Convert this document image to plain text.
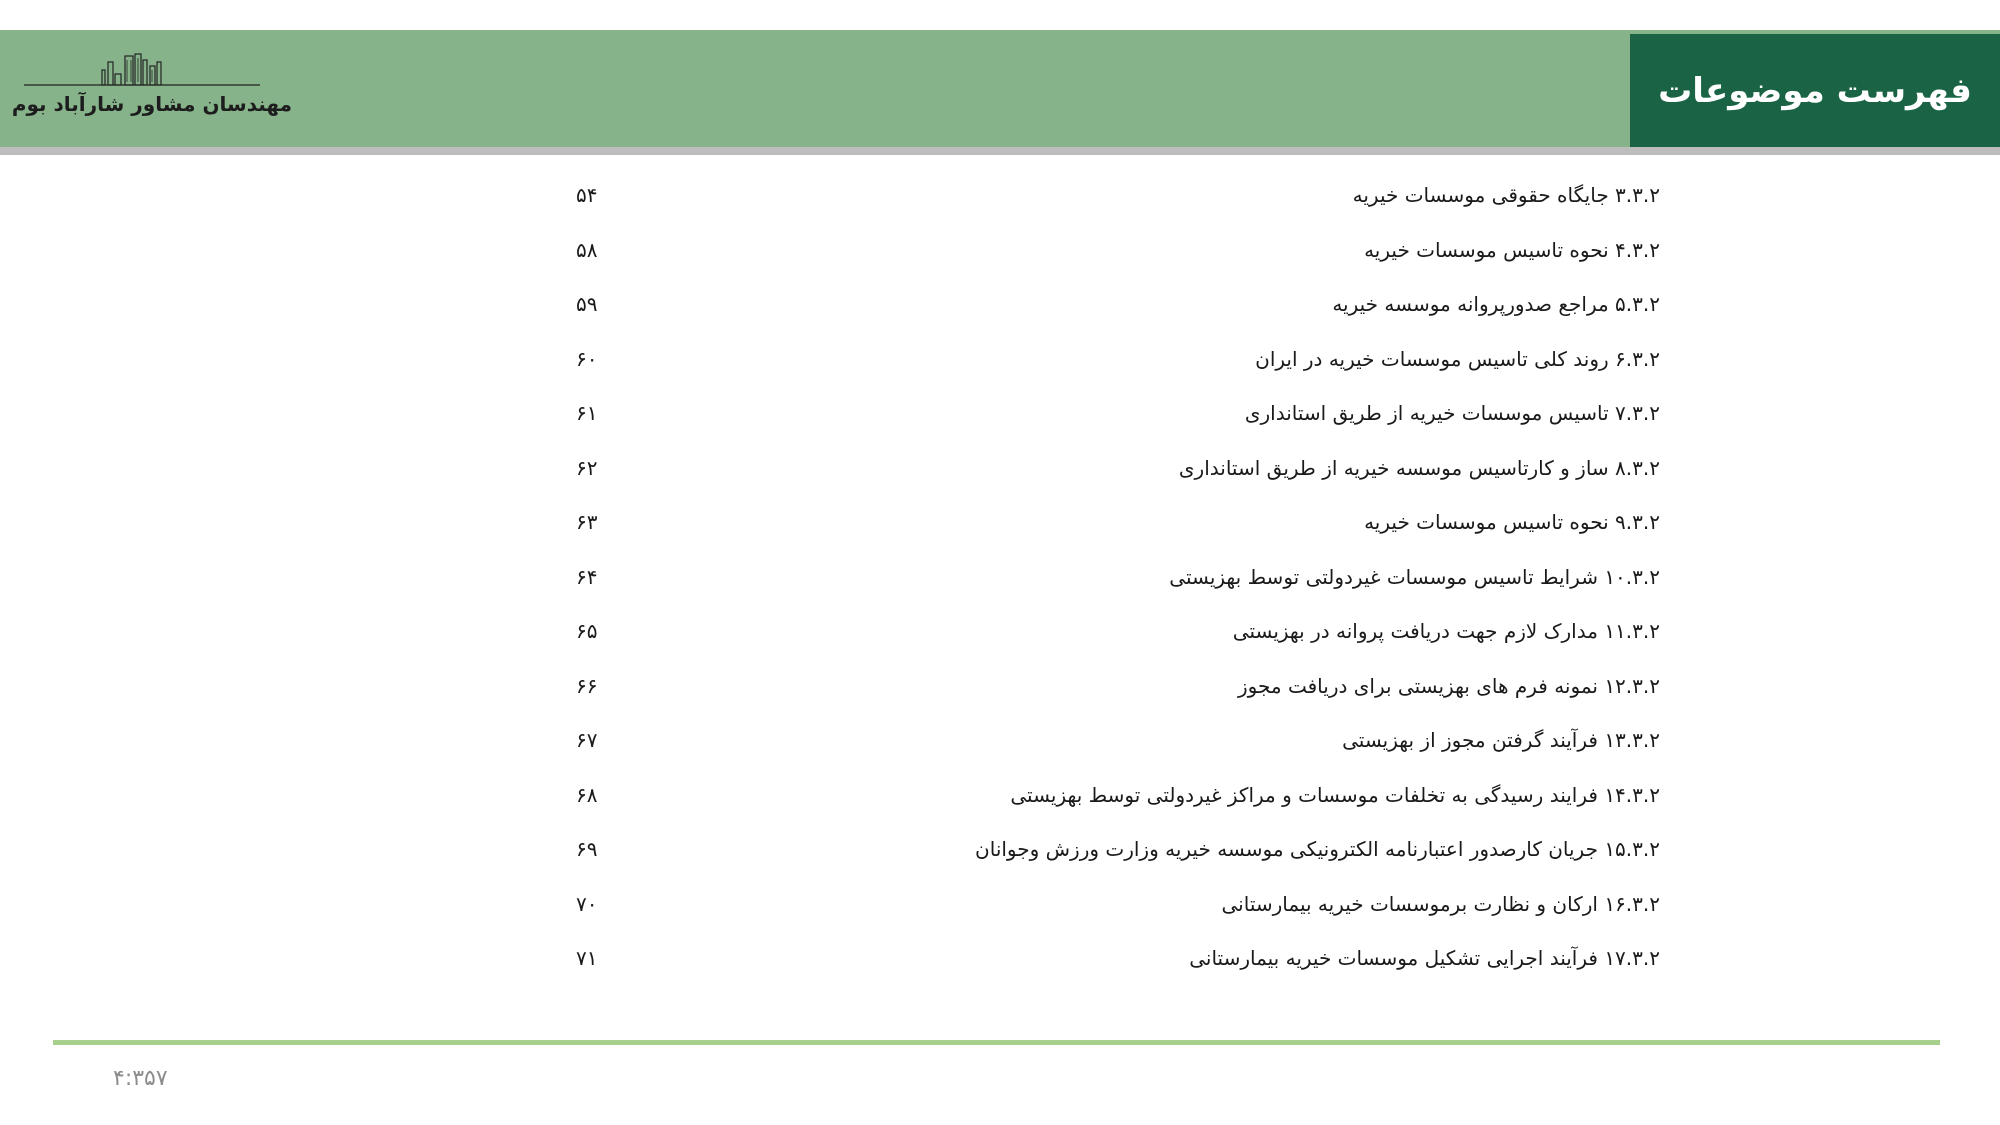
فهرست موضوعات
مهندسان مشاور شارآباد بوم
۳.۳.۲ جایگاه حقوقی موسسات خیریه
۵۴
۴.۳.۲ نحوه تاسیس موسسات خیریه
۵۸
۵.۳.۲ مراجع صدورپروانه موسسه خیریه
۵۹
۶.۳.۲ روند کلی تاسیس موسسات خیریه در ایران
۶۰
۷.۳.۲ تاسیس موسسات خیریه از طریق استانداری
۶۱
۸.۳.۲ ساز و کارتاسیس موسسه خیریه از طریق استانداری
۶۲
۹.۳.۲ نحوه تاسیس موسسات خیریه
۶۳
۱۰.۳.۲ شرایط تاسیس موسسات غیردولتی توسط بهزیستی
۶۴
۱۱.۳.۲ مدارک لازم جهت دریافت پروانه در بهزیستی
۶۵
۱۲.۳.۲ نمونه فرم های بهزیستی برای دریافت مجوز
۶۶
۱۳.۳.۲ فرآیند گرفتن مجوز از بهزیستی
۶۷
۱۴.۳.۲ فرایند رسیدگی به تخلفات موسسات و مراکز غیردولتی توسط بهزیستی
۶۸
۱۵.۳.۲ جریان کارصدور اعتبارنامه الکترونیکی موسسه خیریه وزارت ورزش وجوانان
۶۹
۱۶.۳.۲ ارکان و نظارت برموسسات خیریه بیمارستانی
۷۰
۱۷.۳.۲ فرآیند اجرایی تشکیل موسسات خیریه بیمارستانی
۷۱
۴:۳۵۷
